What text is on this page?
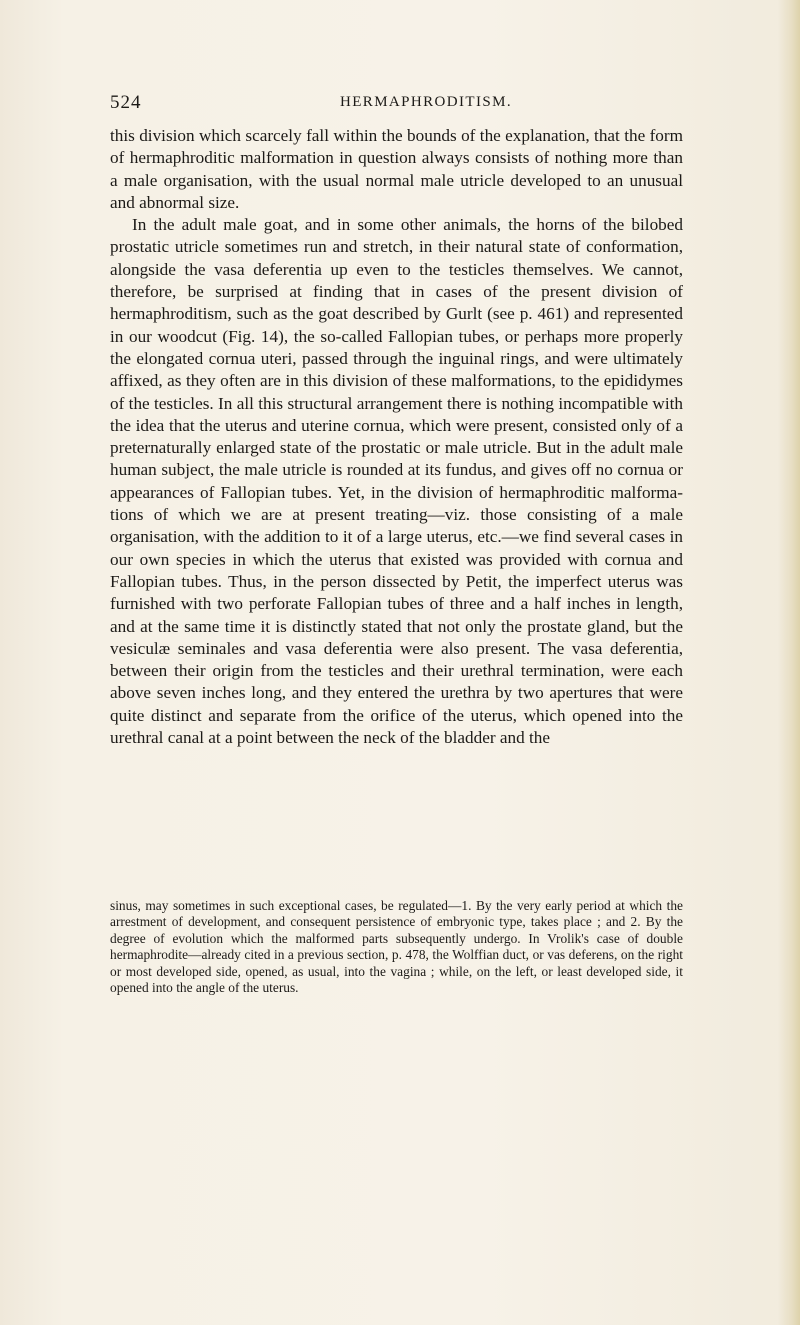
524	HERMAPHRODITISM.

this division which scarcely fall within the bounds of the explanation, that the form of hermaphroditic malformation in question always consists of nothing more than a male organisation, with the usual normal male utricle developed to an unusual and abnormal size.

In the adult male goat, and in some other animals, the horns of the bilobed prostatic utricle sometimes run and stretch, in their natural state of conformation, alongside the vasa deferentia up even to the testicles themselves. We cannot, therefore, be surprised at finding that in cases of the present division of hermaphroditism, such as the goat described by Gurlt (see p. 461) and represented in our woodcut (Fig. 14), the so-called Fallopian tubes, or perhaps more properly the elongated cornua uteri, passed through the inguinal rings, and were ultimately affixed, as they often are in this division of these malformations, to the epididymes of the testicles. In all this structural arrangement there is nothing incompatible with the idea that the uterus and uterine cornua, which were present, consisted only of a preternaturally enlarged state of the prostatic or male utricle. But in the adult male human subject, the male utricle is rounded at its fundus, and gives off no cornua or appearances of Fallopian tubes. Yet, in the division of hermaphroditic malformations of which we are at present treating—viz. those consisting of a male organisation, with the addition to it of a large uterus, etc.—we find several cases in our own species in which the uterus that existed was provided with cornua and Fallopian tubes. Thus, in the person dissected by Petit, the imperfect uterus was furnished with two perforate Fallopian tubes of three and a half inches in length, and at the same time it is distinctly stated that not only the prostate gland, but the vesiculæ seminales and vasa deferentia were also present. The vasa deferentia, between their origin from the testicles and their urethral termination, were each above seven inches long, and they entered the urethra by two apertures that were quite distinct and separate from the orifice of the uterus, which opened into the urethral canal at a point between the neck of the bladder and the

sinus, may sometimes in such exceptional cases, be regulated—1. By the very early period at which the arrestment of development, and consequent persistence of embryonic type, takes place ; and 2. By the degree of evolution which the malformed parts subsequently undergo. In Vrolik's case of double hermaphrodite—already cited in a previous section, p. 478, the Wolffian duct, or vas deferens, on the right or most developed side, opened, as usual, into the vagina ; while, on the left, or least developed side, it opened into the angle of the uterus.
